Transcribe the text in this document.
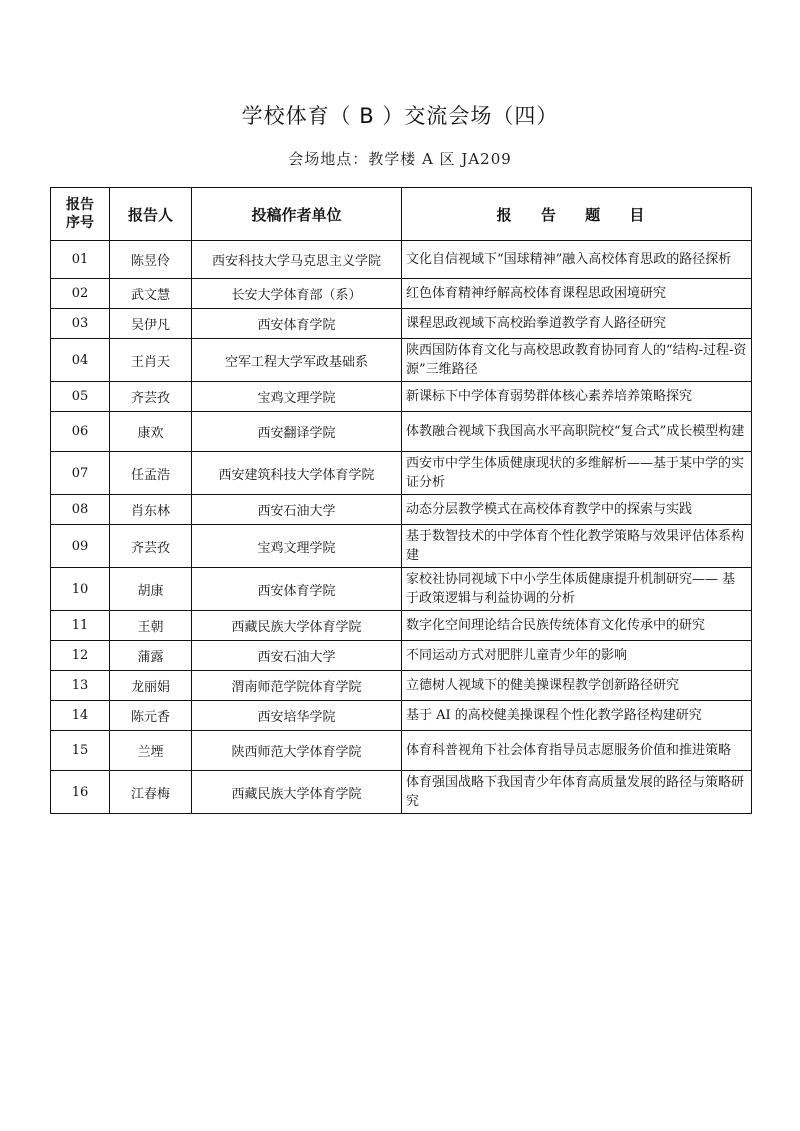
学校体育（ B ）交流会场（四）
会场地点：教学楼 A 区 JA209
报告
序号	报告人	投稿作者单位	报 告 题 目
01	陈昱伶	西安科技大学马克思主义学院	文化自信视域下“国球精神”融入高校体育思政的路径探析
02	武文慧	长安大学体育部（系）	红色体育精神纾解高校体育课程思政困境研究
03	吴伊凡	西安体育学院	课程思政视域下高校跆拳道教学育人路径研究
04	王肖天	空军工程大学军政基础系	陕西国防体育文化与高校思政教育协同育人的“结构-过程-资源”三维路径
05	齐芸孜	宝鸡文理学院	新课标下中学体育弱势群体核心素养培养策略探究
06	康欢	西安翻译学院	体教融合视域下我国高水平高职院校“复合式”成长模型构建
07	任孟浩	西安建筑科技大学体育学院	西安市中学生体质健康现状的多维解析——基于某中学的实证分析
08	肖东林	西安石油大学	动态分层教学模式在高校体育教学中的探索与实践
09	齐芸孜	宝鸡文理学院	基于数智技术的中学体育个性化教学策略与效果评估体系构建
10	胡康	西安体育学院	家校社协同视域下中小学生体质健康提升机制研究—— 基于政策逻辑与利益协调的分析
11	王朝	西藏民族大学体育学院	数字化空间理论结合民族传统体育文化传承中的研究
12	蒲露	西安石油大学	不同运动方式对肥胖儿童青少年的影响
13	龙丽娟	渭南师范学院体育学院	立德树人视域下的健美操课程教学创新路径研究
14	陈元香	西安培华学院	基于 AI 的高校健美操课程个性化教学路径构建研究
15	兰堙	陕西师范大学体育学院	体育科普视角下社会体育指导员志愿服务价值和推进策略
16	江春梅	西藏民族大学体育学院	体育强国战略下我国青少年体育高质量发展的路径与策略研究
